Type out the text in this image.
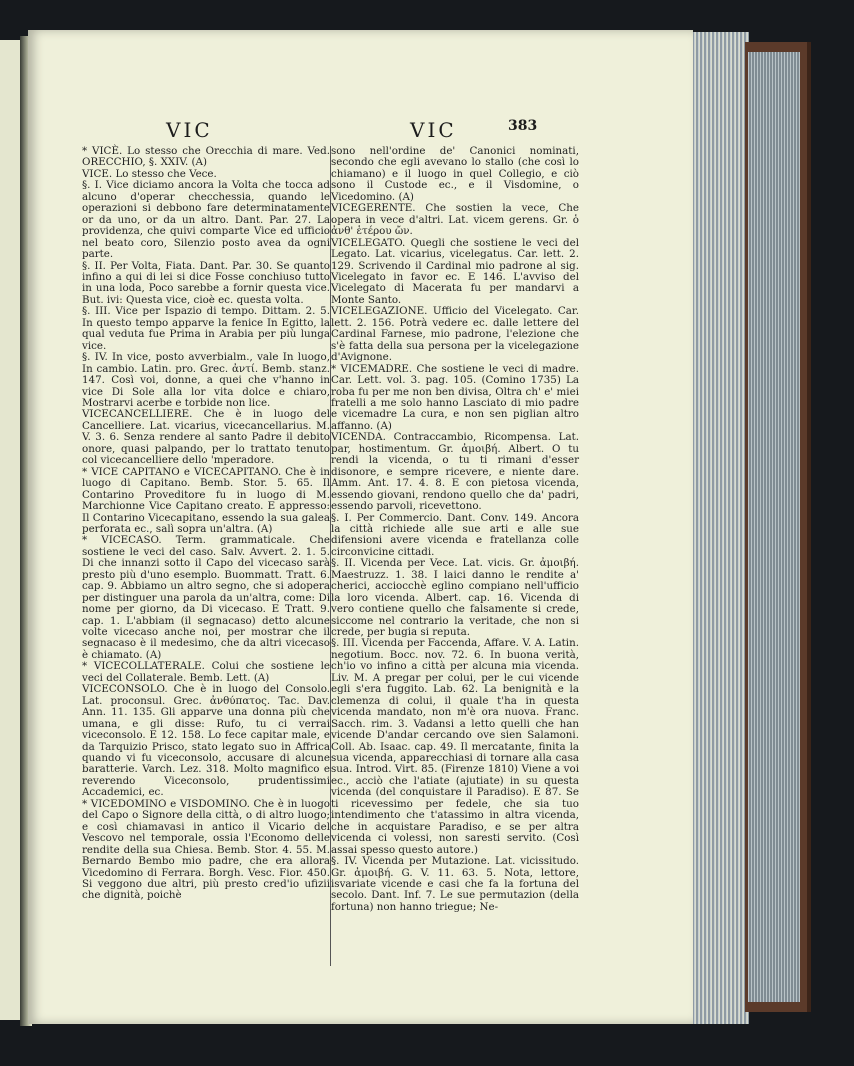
VIC	VIC	383

* VICÈ. Lo stesso che Orecchia di mare. Ved. ORECCHIO, §. XXIV. (A)

VICE. Lo stesso che Vece.

§. I. Vice diciamo ancora la Volta che tocca ad alcuno d'operar checchessia, quando le operazioni si debbono fare determinatamente or da uno, or da un altro. Dant. Par. 27. La providenza, che quivi comparte Vice ed ufficio nel beato coro, Silenzio posto avea da ogni parte.

§. II. Per Volta, Fiata. Dant. Par. 30. Se quanto infino a qui di lei si dice Fosse conchiuso tutto in una loda, Poco sarebbe a fornir questa vice. But. ivi: Questa vice, cioè ec. questa volta.

§. III. Vice per Ispazio di tempo. Dittam. 2. 5. In questo tempo apparve la fenice In Egitto, la qual veduta fue Prima in Arabia per più lunga vice.

§. IV. In vice, posto avverbialm., vale In luogo, In cambio. Latin. pro. Grec. ἀντί. Bemb. stanz. 147. Così voi, donne, a quei che v'hanno in vice Di Sole alla lor vita dolce e chiaro, Mostrarvi acerbe e torbide non lice.

VICECANCELLIERE. Che è in luogo del Cancelliere. Lat. vicarius, vicecancellarius. M. V. 3. 6. Senza rendere al santo Padre il debito onore, quasi palpando, per lo trattato tenuto col vicecancelliere dello 'mperadore.

* VICE CAPITANO e VICECAPITANO. Che è in luogo di Capitano. Bemb. Stor. 5. 65. Il Contarino Proveditore fu in luogo di M. Marchionne Vice Capitano creato. E appresso: Il Contarino Vicecapitano, essendo la sua galea perforata ec., salì sopra un'altra. (A)

* VICECASO. Term. grammaticale. Che sostiene le veci del caso. Salv. Avvert. 2. 1. 5. Di che innanzi sotto il Capo del vicecaso sarà presto più d'uno esemplo. Buommatt. Tratt. 6. cap. 9. Abbiamo un altro segno, che si adopera per distinguer una parola da un'altra, come: Di nome per giorno, da Di vicecaso. E Tratt. 9. cap. 1. L'abbiam (il segnacaso) detto alcune volte vicecaso anche noi, per mostrar che il segnacaso è il medesimo, che da altri vicecaso è chiamato. (A)

* VICECOLLATERALE. Colui che sostiene le veci del Collaterale. Bemb. Lett. (A)

VICECONSOLO. Che è in luogo del Consolo. Lat. proconsul. Grec. ἀνθύπατος. Tac. Dav. Ann. 11. 135. Gli apparve una donna più che umana, e gli disse: Rufo, tu ci verrai viceconsolo. E 12. 158. Lo fece capitar male, e da Tarquizio Prisco, stato legato suo in Affrica quando vi fu viceconsolo, accusare di alcune baratterie. Varch. Lez. 318. Molto magnifico e reverendo Viceconsolo, prudentissimi Accademici, ec.

* VICEDOMINO e VISDOMINO. Che è in luogo del Capo o Signore della città, o di altro luogo; e così chiamavasi in antico il Vicario del Vescovo nel temporale, ossia l'Economo delle rendite della sua Chiesa. Bemb. Stor. 4. 55. M. Bernardo Bembo mio padre, che era allora Vicedomino di Ferrara. Borgh. Vesc. Fior. 450. Si veggono due altri, più presto cred'io ufizii che dignità, poichè

sono nell'ordine de' Canonici nominati, secondo che egli avevano lo stallo (che così lo chiamano) e il luogo in quel Collegio, e ciò sono il Custode ec., e il Visdomine, o Vicedomino. (A)

VICEGERENTE. Che sostien la vece, Che opera in vece d'altri. Lat. vicem gerens. Gr. ὁ ἀνθ' ἑτέρου ὤν.

VICELEGATO. Quegli che sostiene le veci del Legato. Lat. vicarius, vicelegatus. Car. lett. 2. 129. Scrivendo il Cardinal mio padrone al sig. Vicelegato in favor ec. E 146. L'avviso del Vicelegato di Macerata fu per mandarvi a Monte Santo.

VICELEGAZIONE. Ufficio del Vicelegato. Car. lett. 2. 156. Potrà vedere ec. dalle lettere del Cardinal Farnese, mio padrone, l'elezione che s'è fatta della sua persona per la vicelegazione d'Avignone.

* VICEMADRE. Che sostiene le veci di madre. Car. Lett. vol. 3. pag. 105. (Comino 1735) La roba fu per me non ben divisa, Oltra ch' e' miei fratelli a me solo hanno Lasciato di mio padre e vicemadre La cura, e non sen piglian altro affanno. (A)

VICENDA. Contraccambio, Ricompensa. Lat. par, hostimentum. Gr. ἀμοιβή. Albert. O tu rendi la vicenda, o tu ti rimani d'esser disonore, e sempre ricevere, e niente dare. Amm. Ant. 17. 4. 8. E con pietosa vicenda, essendo giovani, rendono quello che da' padri, essendo parvoli, ricevettono.

§. I. Per Commercio. Dant. Conv. 149. Ancora la città richiede alle sue arti e alle sue difensioni avere vicenda e fratellanza colle circonvicine cittadi.

§. II. Vicenda per Vece. Lat. vicis. Gr. ἀμοιβή. Maestruzz. 1. 38. I laici danno le rendite a' cherici, acciocchè eglino compiano nell'ufficio la loro vicenda. Albert. cap. 16. Vicenda di vero contiene quello che falsamente si crede, siccome nel contrario la veritade, che non si crede, per bugia si reputa.

§. III. Vicenda per Faccenda, Affare. V. A. Latin. negotium. Bocc. nov. 72. 6. In buona verità, ch'io vo infino a città per alcuna mia vicenda. Liv. M. A pregar per colui, per le cui vicende egli s'era fuggito. Lab. 62. La benignità e la clemenza di colui, il quale t'ha in questa vicenda mandato, non m'è ora nuova. Franc. Sacch. rim. 3. Vadansi a letto quelli che han vicende D'andar cercando ove sien Salamoni. Coll. Ab. Isaac. cap. 49. Il mercatante, finita la sua vicenda, apparecchiasi di tornare alla casa sua. Introd. Virt. 85. (Firenze 1810) Viene a voi ec., acciò che l'atiate (ajutiate) in su questa vicenda (del conquistare il Paradiso). E 87. Se ti ricevessimo per fedele, che sia tuo intendimento che t'atassimo in altra vicenda, che in acquistare Paradiso, e se per altra vicenda ci volessi, non saresti servito. (Così assai spesso questo autore.)

§. IV. Vicenda per Mutazione. Lat. vicissitudo. Gr. ἀμοιβή. G. V. 11. 63. 5. Nota, lettore, isvariate vicende e casi che fa la fortuna del secolo. Dant. Inf. 7. Le sue permutazion (della fortuna) non hanno triegue; Ne-
